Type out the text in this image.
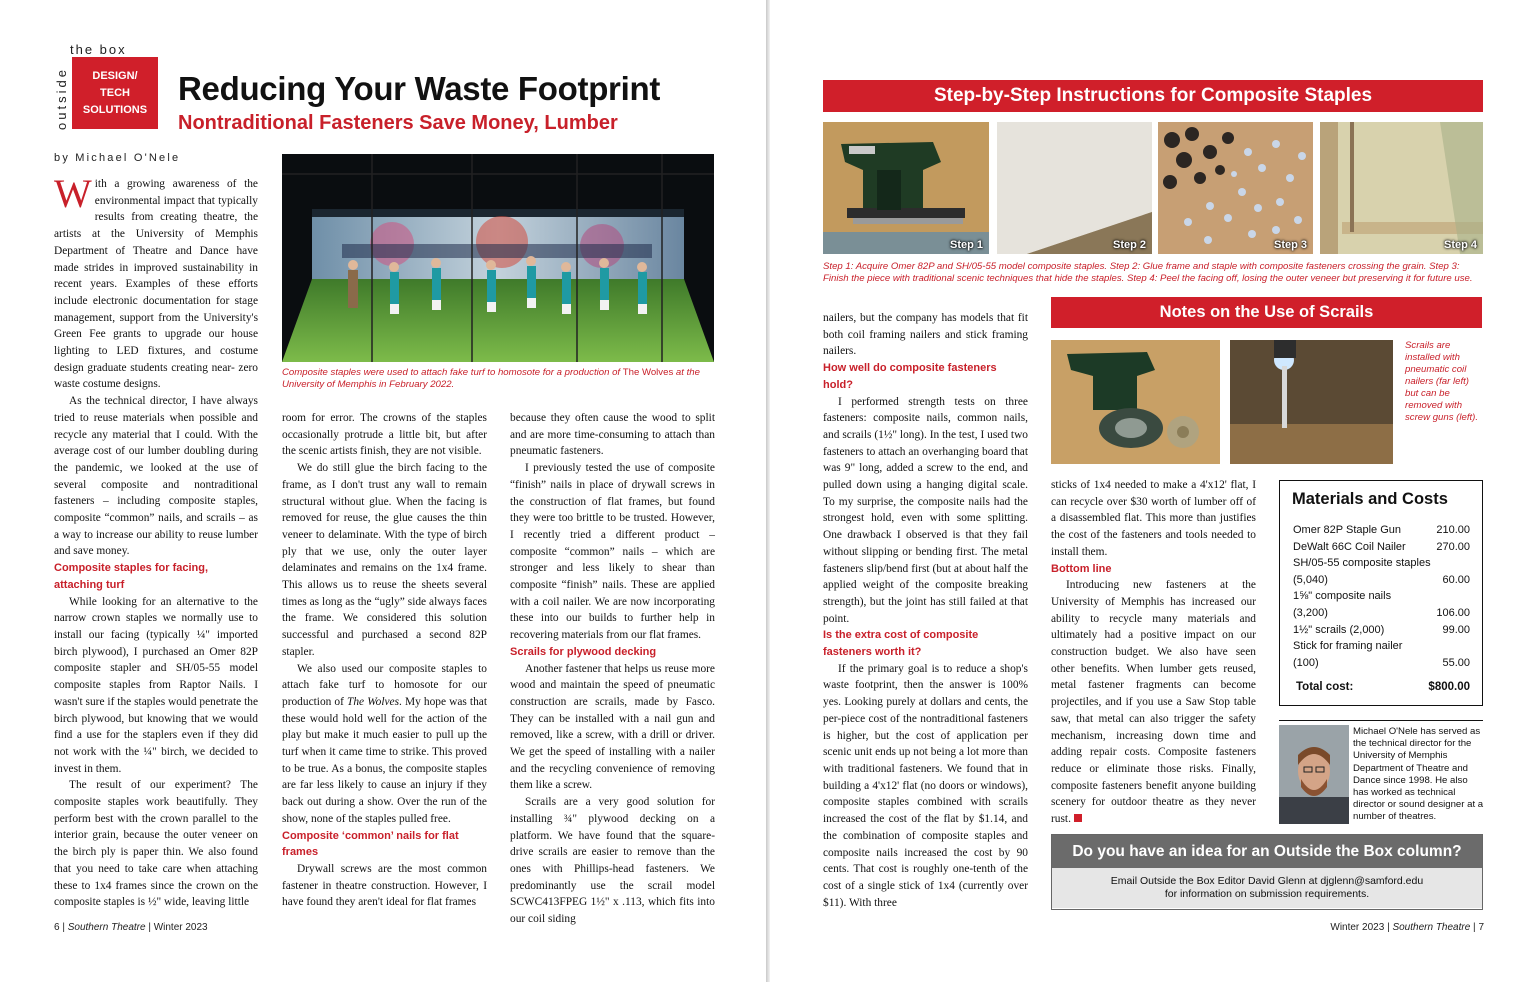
the box
outside	DESIGN/
TECH
SOLUTIONS
Reducing Your Waste Footprint
Nontraditional Fasteners Save Money, Lumber
by Michael O'Nele

With a growing awareness of the environmental impact that typically results from creating theatre, the artists at the University of Memphis Department of Theatre and Dance have made strides in improved sustainability in recent years. Examples of these efforts include electronic documentation for stage management, support from the University's Green Fee grants to upgrade our house lighting to LED fixtures, and costume design graduate students creating near- zero waste costume designs.

As the technical director, I have always tried to reuse materials when possible and recycle any material that I could. With the average cost of our lumber doubling during the pandemic, we looked at the use of several composite and nontraditional fasteners – including composite staples, composite “common” nails, and scrails – as a way to increase our ability to reuse lumber and save money.

Composite staples for facing, attaching turf

While looking for an alternative to the narrow crown staples we normally use to install our facing (typically ¼" imported birch plywood), I purchased an Omer 82P composite stapler and SH/05-55 model composite staples from Raptor Nails. I wasn't sure if the staples would penetrate the birch plywood, but knowing that we would find a use for the staplers even if they did not work with the ¼" birch, we decided to invest in them.

The result of our experiment? The composite staples work beautifully. They perform best with the crown parallel to the interior grain, because the outer veneer on the birch ply is paper thin. We also found that you need to take care when attaching these to 1x4 frames since the crown on the composite staples is ½" wide, leaving little

Composite staples were used to attach fake turf to homosote for a production of The Wolves at the University of Memphis in February 2022.

room for error. The crowns of the staples occasionally protrude a little bit, but after the scenic artists finish, they are not visible.

We do still glue the birch facing to the frame, as I don't trust any wall to remain structural without glue. When the facing is removed for reuse, the glue causes the thin veneer to delaminate. With the type of birch ply that we use, only the outer layer delaminates and remains on the 1x4 frame. This allows us to reuse the sheets several times as long as the “ugly” side always faces the frame. We considered this solution successful and purchased a second 82P stapler.

We also used our composite staples to attach fake turf to homosote for our production of The Wolves. My hope was that these would hold well for the action of the play but make it much easier to pull up the turf when it came time to strike. This proved to be true. As a bonus, the composite staples are far less likely to cause an injury if they back out during a show. Over the run of the show, none of the staples pulled free.

Composite ‘common’ nails for flat frames

Drywall screws are the most common fastener in theatre construction. However, I have found they aren't ideal for flat frames

because they often cause the wood to split and are more time-consuming to attach than pneumatic fasteners.

I previously tested the use of composite “finish” nails in place of drywall screws in the construction of flat frames, but found they were too brittle to be trusted. However, I recently tried a different product – composite “common” nails – which are stronger and less likely to shear than composite “finish” nails. These are applied with a coil nailer. We are now incorporating these into our builds to further help in recovering materials from our flat frames.

Scrails for plywood decking

Another fastener that helps us reuse more wood and maintain the speed of pneumatic construction are scrails, made by Fasco. They can be installed with a nail gun and removed, like a screw, with a drill or driver. We get the speed of installing with a nailer and the recycling convenience of removing them like a screw.

Scrails are a very good solution for installing ¾" plywood decking on a platform. We have found that the square-drive scrails are easier to remove than the ones with Phillips-head fasteners. We predominantly use the scrail model SCWC413FPEG 1½" x .113, which fits into our coil siding

6 | Southern Theatre | Winter 2023
Step-by-Step Instructions for Composite Staples
Step 1	Step 2	Step 3	Step 4
Step 1: Acquire Omer 82P and SH/05-55 model composite staples. Step 2: Glue frame and staple with composite fasteners crossing the grain. Step 3: Finish the piece with traditional scenic techniques that hide the staples. Step 4: Peel the facing off, losing the outer veneer but preserving it for future use.
Notes on the Use of Scrails
Scrails are installed with pneumatic coil nailers (far left) but can be removed with screw guns (left).

nailers, but the company has models that fit both coil framing nailers and stick framing nailers.

How well do composite fasteners hold?

I performed strength tests on three fasteners: composite nails, common nails, and scrails (1½" long). In the test, I used two fasteners to attach an overhanging board that was 9" long, added a screw to the end, and pulled down using a hanging digital scale. To my surprise, the composite nails had the strongest hold, even with some splitting. One drawback I observed is that they fail without slipping or bending first. The metal fasteners slip/bend first (but at about half the applied weight of the composite breaking strength), but the joint has still failed at that point.

Is the extra cost of composite fasteners worth it?

If the primary goal is to reduce a shop's waste footprint, then the answer is 100% yes. Looking purely at dollars and cents, the per-piece cost of the nontraditional fasteners is higher, but the cost of application per scenic unit ends up not being a lot more than with traditional fasteners. We found that in building a 4'x12' flat (no doors or windows), composite staples combined with scrails increased the cost of the flat by $1.14, and the combination of composite staples and composite nails increased the cost by 90 cents. That cost is roughly one-tenth of the cost of a single stick of 1x4 (currently over $11). With three

sticks of 1x4 needed to make a 4'x12' flat, I can recycle over $30 worth of lumber off of a disassembled flat. This more than justifies the cost of the fasteners and tools needed to install them.

Bottom line

Introducing new fasteners at the University of Memphis has increased our ability to recycle many materials and ultimately had a positive impact on our construction budget. We also have seen other benefits. When lumber gets reused, metal fastener fragments can become projectiles, and if you use a Saw Stop table saw, that metal can also trigger the safety mechanism, increasing down time and adding repair costs. Composite fasteners reduce or eliminate those risks. Finally, composite fasteners benefit anyone building scenery for outdoor theatre as they never rust.

Materials and Costs
Omer 82P Staple Gun	210.00
DeWalt 66C Coil Nailer	270.00
SH/05-55 composite staples
(5,040)	60.00
1⅝" composite nails
(3,200)	106.00
1½" scrails (2,000)	99.00
Stick for framing nailer
(100)	55.00
Total cost:	$800.00
Michael O'Nele has served as the technical director for the University of Memphis Department of Theatre and Dance since 1998. He also has worked as technical director or sound designer at a number of theatres.
Do you have an idea for an Outside the Box column?
Email Outside the Box Editor David Glenn at djglenn@samford.edu
for information on submission requirements.
Winter 2023 | Southern Theatre | 7
